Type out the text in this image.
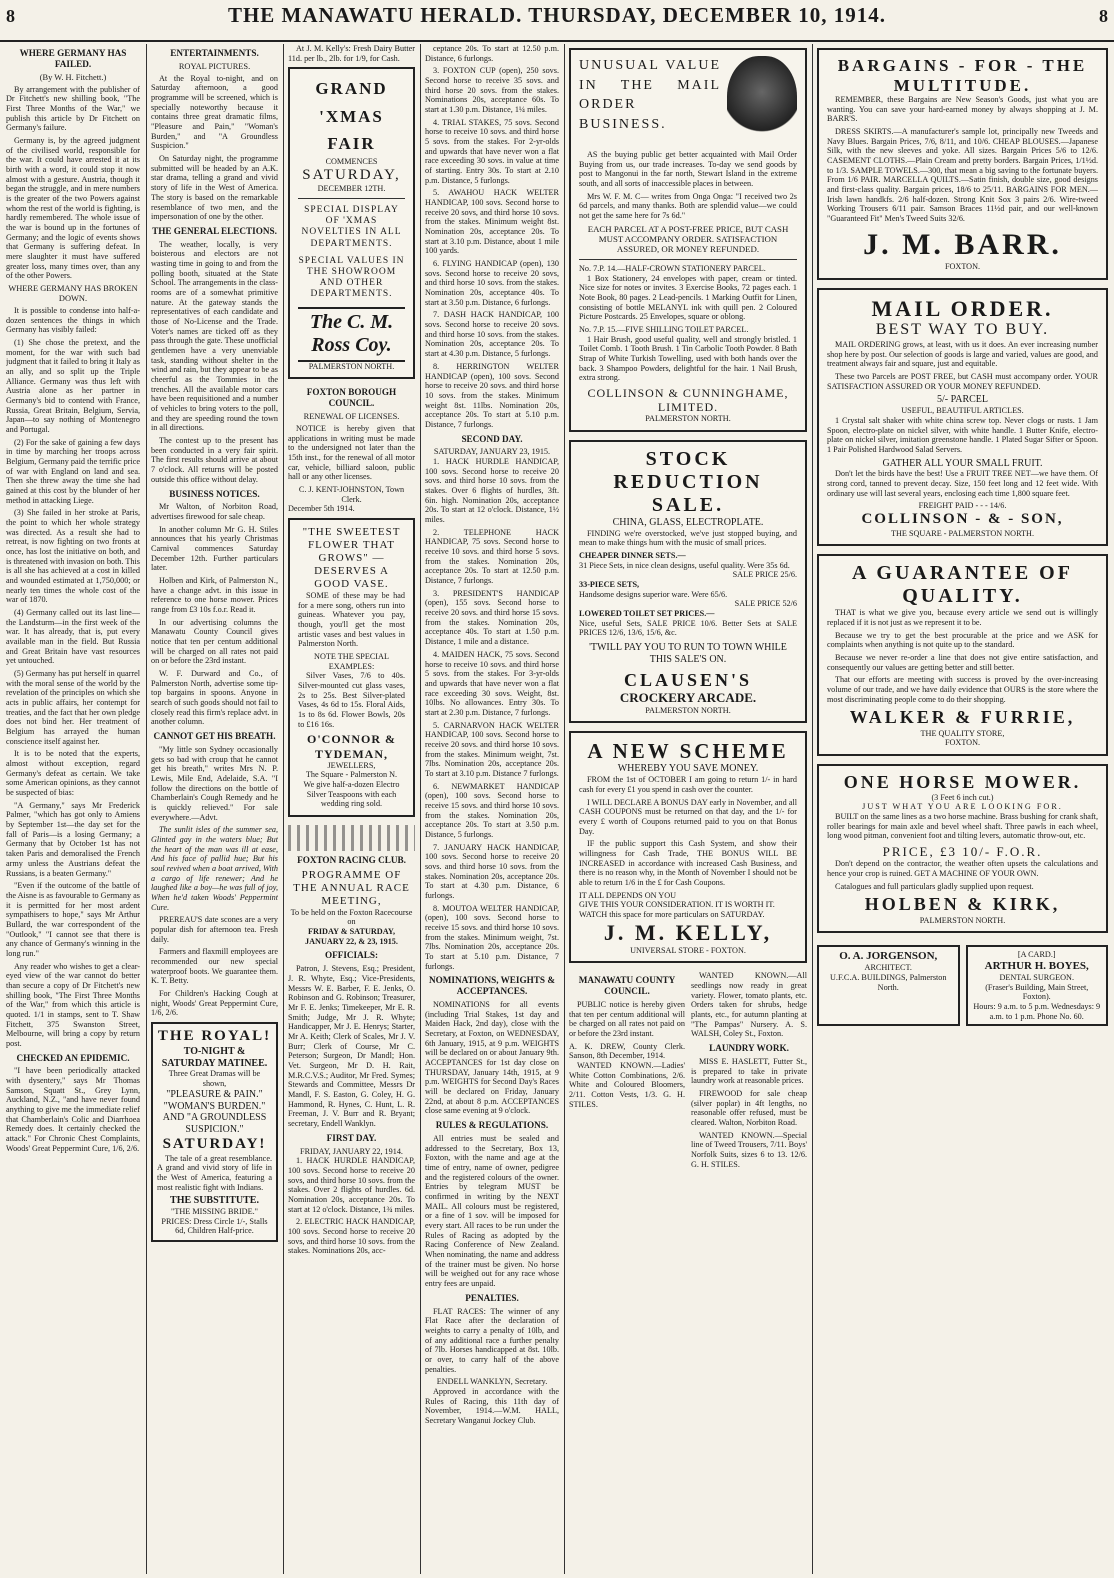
8	THE MANAWATU HERALD. THURSDAY, DECEMBER 10, 1914.	8
WHERE GERMANY HAS FAILED.
(By W. H. Fitchett.)

By arrangement with the publisher of Dr Fitchett's new shilling book, "The First Three Months of the War," we publish this article by Dr Fitchett on Germany's failure.

Germany is, by the agreed judgment of the civilised world, responsible for the war. It could have arrested it at its birth with a word, it could stop it now almost with a gesture. Austria, though it began the struggle, and in mere numbers is the greater of the two Powers against whom the rest of the world is fighting, is hardly remembered. The whole issue of the war is bound up in the fortunes of Germany; and the logic of events shows that Germany is suffering defeat. In mere slaughter it must have suffered greater loss, many times over, than any of the other Powers.

WHERE GERMANY HAS BROKEN DOWN.

It is possible to condense into half-a-dozen sentences the things in which Germany has visibly failed:

(1) She chose the pretext, and the moment, for the war with such bad judgment that it failed to bring it Italy as an ally, and so split up the Triple Alliance. Germany was thus left with Austria alone as her partner in Germany's bid to contend with France, Russia, Great Britain, Belgium, Servia, Japan—to say nothing of Montenegro and Portugal.

(2) For the sake of gaining a few days in time by marching her troops across Belgium, Germany paid the terrific price of war with England on land and sea. Then she threw away the time she had gained at this cost by the blunder of her method in attacking Liege.

(3) She failed in her stroke at Paris, the point to which her whole strategy was directed. As a result she had to retreat, is now fighting on two fronts at once, has lost the initiative on both, and is threatened with invasion on both. This is all she has achieved at a cost in killed and wounded estimated at 1,750,000; or nearly ten times the whole cost of the war of 1870.

(4) Germany called out its last line—the Landsturm—in the first week of the war. It has already, that is, put every available man in the field. But Russia and Great Britain have vast resources yet untouched.

(5) Germany has put herself in quarrel with the moral sense of the world by the revelation of the principles on which she acts in public affairs, her contempt for treaties, and the fact that her own pledge does not bind her. Her treatment of Belgium has arrayed the human conscience itself against her.

It is to be noted that the experts, almost without exception, regard Germany's defeat as certain. We take some American opinions, as they cannot be suspected of bias:

"A Germany," says Mr Frederick Palmer, "which has got only to Amiens by September 1st—the day set for the fall of Paris—is a losing Germany; a Germany that by October 1st has not taken Paris and demoralised the French army unless the Austrians defeat the Russians, is a beaten Germany."

"Even if the outcome of the battle of the Aisne is as favourable to Germany as it is permitted for her most ardent sympathisers to hope," says Mr Arthur Bullard, the war correspondent of the "Outlook," "I cannot see that there is any chance of Germany's winning in the long run."

Any reader who wishes to get a clear-eyed view of the war cannot do better than secure a copy of Dr Fitchett's new shilling book, "The First Three Months of the War," from which this article is quoted. 1/1 in stamps, sent to T. Shaw Fitchett, 375 Swanston Street, Melbourne, will bring a copy by return post.

CHECKED AN EPIDEMIC.

"I have been periodically attacked with dysentery," says Mr Thomas Samson, Squatt St., Grey Lynn, Auckland, N.Z., "and have never found anything to give me the immediate relief that Chamberlain's Colic and Diarrhoea Remedy does. It certainly checked the attack." For Chronic Chest Complaints, Woods' Great Peppermint Cure, 1/6, 2/6.

ENTERTAINMENTS.
ROYAL PICTURES.

At the Royal to-night, and on Saturday afternoon, a good programme will be screened, which is specially noteworthy because it contains three great dramatic films, "Pleasure and Pain," "Woman's Burden," and "A Groundless Suspicion."

On Saturday night, the programme submitted will be headed by an A.K. star drama, telling a grand and vivid story of life in the West of America. The story is based on the remarkable resemblance of two men, and the impersonation of one by the other.

THE GENERAL ELECTIONS.

The weather, locally, is very boisterous and electors are not wasting time in going to and from the polling booth, situated at the State School. The arrangements in the class-rooms are of a somewhat primitive nature. At the gateway stands the representatives of each candidate and those of No-License and the Trade. Voter's names are ticked off as they pass through the gate. These unofficial gentlemen have a very unenviable task, standing without shelter in the wind and rain, but they appear to be as cheerful as the Tommies in the trenches. All the available motor cars have been requisitioned and a number of vehicles to bring voters to the poll, and they are speeding round the town in all directions.

The contest up to the present has been conducted in a very fair spirit. The first results should arrive at about 7 o'clock. All returns will be posted outside this office without delay.

BUSINESS NOTICES.

Mr Walton, of Norbiton Road, advertises firewood for sale cheap.

In another column Mr G. H. Stiles announces that his yearly Christmas Carnival commences Saturday December 12th. Further particulars later.

Holben and Kirk, of Palmerston N., have a change advt. in this issue in reference to one horse mower. Prices range from £3 10s f.o.r. Read it.

In our advertising columns the Manawatu County Council gives notice that ten per centum additional will be charged on all rates not paid on or before the 23rd instant.

W. F. Durward and Co., of Palmerston North, advertise some tip-top bargains in spoons. Anyone in search of such goods should not fail to closely read this firm's replace advt. in another column.

CANNOT GET HIS BREATH.

"My little son Sydney occasionally gets so bad with croup that he cannot get his breath," writes Mrs N. P. Lewis, Mile End, Adelaide, S.A. "I follow the directions on the bottle of Chamberlain's Cough Remedy and he is quickly relieved." For sale everywhere.—Advt.

The sunlit isles of the summer sea, Glinted gay in the waters blue; But the heart of the man was ill at ease, And his face of pallid hue; But his soul revived when a boat arrived, With a cargo of life renewer; And he laughed like a boy—he was full of joy, When he'd taken Woods' Peppermint Cure.

PREREAU'S date scones are a very popular dish for afternoon tea. Fresh daily.

Farmers and flaxmill employees are recommended our new special waterproof boots. We guarantee them. K. T. Betty.

For Children's Hacking Cough at night, Woods' Great Peppermint Cure, 1/6, 2/6.

THE ROYAL!
TO-NIGHT & SATURDAY MATINEE.
Three Great Dramas will be shown,
"PLEASURE & PAIN." "WOMAN'S BURDEN." AND "A GROUNDLESS SUSPICION."
SATURDAY!

The tale of a great resemblance. A grand and vivid story of life in the West of America, featuring a most realistic fight with Indians.

THE SUBSTITUTE.
"THE MISSING BRIDE."
PRICES: Dress Circle 1/-, Stalls 6d, Children Half-price.

At J. M. Kelly's: Fresh Dairy Butter 11d. per lb., 2lb. for 1/9, for Cash.

GRAND 'XMAS FAIR
COMMENCES
SATURDAY,
DECEMBER 12TH.
SPECIAL DISPLAY OF 'XMAS NOVELTIES IN ALL DEPARTMENTS.
SPECIAL VALUES IN THE SHOWROOM AND OTHER DEPARTMENTS.
The C. M. Ross Coy.
PALMERSTON NORTH.
FOXTON BOROUGH COUNCIL.
RENEWAL OF LICENSES.

NOTICE is hereby given that applications in writing must be made to the undersigned not later than the 15th inst., for the renewal of all motor car, vehicle, billiard saloon, public hall or any other licenses.

C. J. KENT-JOHNSTON, Town Clerk.
December 5th 1914.
"THE SWEETEST FLOWER THAT GROWS" — DESERVES A GOOD VASE.

SOME of these may be had for a mere song, others run into guineas. Whatever you pay, though, you'll get the most artistic vases and best values in Palmerston North.

NOTE THE SPECIAL EXAMPLES:

Silver Vases, 7/6 to 40s. Silver-mounted cut glass vases, 2s to 25s. Best Silver-plated Vases, 4s 6d to 15s. Floral Aids, 1s to 8s 6d. Flower Bowls, 20s to £16 16s.

O'CONNOR & TYDEMAN,
JEWELLERS,
The Square - Palmerston N.
We give half-a-dozen Electro Silver Teaspoons with each wedding ring sold.
FOXTON RACING CLUB.
PROGRAMME OF THE ANNUAL RACE MEETING,
To be held on the Foxton Racecourse on
FRIDAY & SATURDAY, JANUARY 22, & 23, 1915.
OFFICIALS:

Patron, J. Stevens, Esq.; President, J. R. Whyte, Esq.; Vice-Presidents, Messrs W. E. Barber, F. E. Jenks, O. Robinson and G. Robinson; Treasurer, Mr F. E. Jenks; Timekeeper, Mr E. R. Smith; Judge, Mr J. R. Whyte; Handicapper, Mr J. E. Henrys; Starter, Mr A. Keith; Clerk of Scales, Mr J. V. Burr; Clerk of Course, Mr C. Peterson; Surgeon, Dr Mandl; Hon. Vet. Surgeon, Mr D. H. Rait, M.R.C.V.S.; Auditor, Mr Fred. Symes; Stewards and Committee, Messrs Dr Mandl, F. S. Easton, G. Coley, H. G. Hammond, R. Hynes, C. Hunt, L. R. Freeman, J. V. Burr and R. Bryant; secretary, Endell Wanklyn.

FIRST DAY.
FRIDAY, JANUARY 22, 1914.

1. HACK HURDLE HANDICAP, 100 sovs. Second horse to receive 20 sovs, and third horse 10 sovs. from the stakes. Over 2 flights of hurdles. 6d. Nomination 20s, acceptance 20s. To start at 12 o'clock. Distance, 1¾ miles.

2. ELECTRIC HACK HANDICAP, 100 sovs. Second horse to receive 20 sovs, and third horse 10 sovs. from the stakes. Nominations 20s, acc-

ceptance 20s. To start at 12.50 p.m. Distance, 6 furlongs.

3. FOXTON CUP (open), 250 sovs. Second horse to receive 35 sovs. and third horse 20 sovs. from the stakes. Nominations 20s, acceptance 60s. To start at 1.30 p.m. Distance, 1¼ miles.

4. TRIAL STAKES, 75 sovs. Second horse to receive 10 sovs. and third horse 5 sovs. from the stakes. For 2-yr-olds and upwards that have never won a flat race exceeding 30 sovs. in value at time of starting. Entry 30s. To start at 2.10 p.m. Distance, 5 furlongs.

5. AWAHOU HACK WELTER HANDICAP, 100 sovs. Second horse to receive 20 sovs, and third horse 10 sovs. from the stakes. Minimum weight 8st. Nomination 20s, acceptance 20s. To start at 3.10 p.m. Distance, about 1 mile 100 yards.

6. FLYING HANDICAP (open), 130 sovs. Second horse to receive 20 sovs, and third horse 10 sovs. from the stakes. Nomination 20s, acceptance 40s. To start at 3.50 p.m. Distance, 6 furlongs.

7. DASH HACK HANDICAP, 100 sovs. Second horse to receive 20 sovs. and third horse 10 sovs. from the stakes. Nomination 20s, acceptance 20s. To start at 4.30 p.m. Distance, 5 furlongs.

8. HERRINGTON WELTER HANDICAP (open), 100 sovs. Second horse to receive 20 sovs. and third horse 10 sovs. from the stakes. Minimum weight 8st. 11lbs. Nomination 20s, acceptance 20s. To start at 5.10 p.m. Distance, 7 furlongs.

SECOND DAY.
SATURDAY, JANUARY 23, 1915.

1. HACK HURDLE HANDICAP, 100 sovs. Second horse to receive 20 sovs. and third horse 10 sovs. from the stakes. Over 6 flights of hurdles, 3ft. 6in. high. Nomination 20s, acceptance 20s. To start at 12 o'clock. Distance, 1½ miles.

2. TELEPHONE HACK HANDICAP, 75 sovs. Second horse to receive 10 sovs. and third horse 5 sovs. from the stakes. Nomination 20s, acceptance 20s. To start at 12.50 p.m. Distance, 7 furlongs.

3. PRESIDENT'S HANDICAP (open), 155 sovs. Second horse to receive 20 sovs. and third horse 15 sovs. from the stakes. Nomination 20s, acceptance 40s. To start at 1.50 p.m. Distance, 1 mile and a distance.

4. MAIDEN HACK, 75 sovs. Second horse to receive 10 sovs. and third horse 5 sovs. from the stakes. For 3-yr-olds and upwards that have never won a flat race exceeding 30 sovs. Weight, 8st. 10lbs. No allowances. Entry 30s. To start at 2.30 p.m. Distance, 7 furlongs.

5. CARNARVON HACK WELTER HANDICAP, 100 sovs. Second horse to receive 20 sovs. and third horse 10 sovs. from the stakes. Minimum weight, 7st. 7lbs. Nomination 20s, acceptance 20s. To start at 3.10 p.m. Distance 7 furlongs.

6. NEWMARKET HANDICAP (open), 100 sovs. Second horse to receive 15 sovs. and third horse 10 sovs. from the stakes. Nomination 20s, acceptance 20s. To start at 3.50 p.m. Distance, 5 furlongs.

7. JANUARY HACK HANDICAP, 100 sovs. Second horse to receive 20 sovs. and third horse 10 sovs. from the stakes. Nomination 20s, acceptance 20s. To start at 4.30 p.m. Distance, 6 furlongs.

8. MOUTOA WELTER HANDICAP, (open), 100 sovs. Second horse to receive 15 sovs. and third horse 10 sovs. from the stakes. Minimum weight, 7st. 7lbs. Nomination 20s, acceptance 20s. To start at 5.10 p.m. Distance, 7 furlongs.

NOMINATIONS, WEIGHTS & ACCEPTANCES.

NOMINATIONS for all events (including Trial Stakes, 1st day and Maiden Hack, 2nd day), close with the Secretary, at Foxton, on WEDNESDAY, 6th January, 1915, at 9 p.m. WEIGHTS will be declared on or about January 9th. ACCEPTANCES for 1st day close on THURSDAY, January 14th, 1915, at 9 p.m. WEIGHTS for Second Day's Races will be declared on Friday, January 22nd, at about 8 p.m. ACCEPTANCES close same evening at 9 o'clock.

RULES & REGULATIONS.

All entries must be sealed and addressed to the Secretary, Box 13, Foxton, with the name and age at the time of entry, name of owner, pedigree and the registered colours of the owner. Entries by telegram MUST be confirmed in writing by the NEXT MAIL. All colours must be registered, or a fine of 1 sov. will be imposed for every start. All races to be run under the Rules of Racing as adopted by the Racing Conference of New Zealand. When nominating, the name and address of the trainer must be given. No horse will be weighed out for any race whose entry fees are unpaid.

PENALTIES.

FLAT RACES: The winner of any Flat Race after the declaration of weights to carry a penalty of 10lb, and of any additional race a further penalty of 7lb. Horses handicapped at 8st. 10lb. or over, to carry half of the above penalties.

ENDELL WANKLYN, Secretary.

Approved in accordance with the Rules of Racing, this 11th day of November, 1914.—W.M. HALL, Secretary Wanganui Jockey Club.

UNUSUAL VALUE IN THE MAIL ORDER BUSINESS.

AS the buying public get better acquainted with Mail Order Buying from us, our trade increases. To-day we send goods by post to Mangonui in the far north, Stewart Island in the extreme south, and all sorts of inaccessible places in between.

Mrs W. F. M. C— writes from Onga Onga: "I received two 2s 6d parcels, and many thanks. Both are splendid value—we could not get the same here for 7s 6d."

EACH PARCEL AT A POST-FREE PRICE, BUT CASH MUST ACCOMPANY ORDER. SATISFACTION ASSURED, OR MONEY REFUNDED.
No. 7.P. 14.—HALF-CROWN STATIONERY PARCEL.

1 Box Stationery, 24 envelopes with paper, cream or tinted. Nice size for notes or invites. 3 Exercise Books, 72 pages each. 1 Note Book, 80 pages. 2 Lead-pencils. 1 Marking Outfit for Linen, consisting of bottle MELANYL ink with quill pen. 2 Coloured Picture Postcards. 25 Envelopes, square or oblong.

No. 7.P. 15.—FIVE SHILLING TOILET PARCEL.

1 Hair Brush, good useful quality, well and strongly bristled. 1 Toilet Comb. 1 Tooth Brush. 1 Tin Carbolic Tooth Powder. 8 Bath Strap of White Turkish Towelling, used with both hands over the back. 3 Shampoo Powders, delightful for the hair. 1 Nail Brush, extra strong.

COLLINSON & CUNNINGHAME, LIMITED.
PALMERSTON NORTH.
STOCK
REDUCTION SALE.
CHINA, GLASS, ELECTROPLATE.

FINDING we're overstocked, we've just stopped buying, and mean to make things hum with the music of small prices.

CHEAPER DINNER SETS.—
31 Piece Sets, in nice clean designs, useful quality. Were 35s 6d.
SALE PRICE 25/6.
33-PIECE SETS,
Handsome designs superior ware. Were 65/6.
SALE PRICE 52/6
LOWERED TOILET SET PRICES.—
Nice, useful Sets, SALE PRICE 10/6. Better Sets at SALE PRICES 12/6, 13/6, 15/6, &c.
'TWILL PAY YOU TO RUN TO TOWN WHILE THIS SALE'S ON.
CLAUSEN'S
CROCKERY ARCADE.
PALMERSTON NORTH.
A NEW SCHEME
WHEREBY YOU SAVE MONEY.

FROM the 1st of OCTOBER I am going to return 1/- in hard cash for every £1 you spend in cash over the counter.

I WILL DECLARE A BONUS DAY early in November, and all CASH COUPONS must be returned on that day, and the 1/- for every £ worth of Coupons returned paid to you on that Bonus Day.

IF the public support this Cash System, and show their willingness for Cash Trade, THE BONUS WILL BE INCREASED in accordance with increased Cash Business, and there is no reason why, in the Month of November I should not be able to return 1/6 in the £ for Cash Coupons.

IT ALL DEPENDS ON YOU
GIVE THIS YOUR CONSIDERATION. IT IS WORTH IT.
WATCH this space for more particulars on SATURDAY.
J. M. KELLY,
UNIVERSAL STORE - FOXTON.
MANAWATU COUNTY COUNCIL.

PUBLIC notice is hereby given that ten per centum additional will be charged on all rates not paid on or before the 23rd instant.

A. K. DREW, County Clerk. Sanson, 8th December, 1914.

WANTED KNOWN.—Ladies' White Cotton Combinations, 2/6. White and Coloured Bloomers, 2/11. Cotton Vests, 1/3. G. H. STILES.

WANTED KNOWN.—All seedlings now ready in great variety. Flower, tomato plants, etc. Orders taken for shrubs, hedge plants, etc., for autumn planting at "The Pampas" Nursery. A. S. WALSH, Coley St., Foxton.

LAUNDRY WORK.

MISS E. HASLETT, Futter St., is prepared to take in private laundry work at reasonable prices.

FIREWOOD for sale cheap (silver poplar) in 4ft lengths, no reasonable offer refused, must be cleared. Walton, Norbiton Road.

WANTED KNOWN.—Special line of Tweed Trousers, 7/11. Boys' Norfolk Suits, sizes 6 to 13. 12/6. G. H. STILES.

BARGAINS - FOR - THE MULTITUDE.

REMEMBER, these Bargains are New Season's Goods, just what you are wanting. You can save your hard-earned money by always shopping at J. M. BARR'S.

DRESS SKIRTS.—A manufacturer's sample lot, principally new Tweeds and Navy Blues. Bargain Prices, 7/6, 8/11, and 10/6. CHEAP BLOUSES.—Japanese Silk, with the new sleeves and yoke. All sizes. Bargain Prices 5/6 to 12/6. CASEMENT CLOTHS.—Plain Cream and pretty borders. Bargain Prices, 1/1½d. to 1/3. SAMPLE TOWELS.—300, that mean a big saving to the fortunate buyers. From 1/6 PAIR. MARCELLA QUILTS.—Satin finish, double size, good designs and first-class quality. Bargain prices, 18/6 to 25/11. BARGAINS FOR MEN.—Irish lawn handkfs. 2/6 half-dozen. Strong Knit Sox 3 pairs 2/6. Wire-tweed Working Trousers 6/11 pair. Samson Braces 11½d pair, and our well-known "Guaranteed Fit" Men's Tweed Suits 32/6.

J. M. BARR.
FOXTON.
MAIL ORDER.
BEST WAY TO BUY.

MAIL ORDERING grows, at least, with us it does. An ever increasing number shop here by post. Our selection of goods is large and varied, values are good, and treatment always fair and square, just and equitable.

These two Parcels are POST FREE, but CASH must accompany order. YOUR SATISFACTION ASSURED OR YOUR MONEY REFUNDED.

5/- PARCEL
USEFUL, BEAUTIFUL ARTICLES.

1 Crystal salt shaker with white china screw top. Never clogs or rusts. 1 Jam Spoon, electro-plate on nickel silver, with white handle. 1 Butter Knife, electro-plate on nickel silver, imitation greenstone handle. 1 Plated Sugar Sifter or Spoon. 1 Pair Polished Hardwood Salad Servers.

GATHER ALL YOUR SMALL FRUIT.

Don't let the birds have the best! Use a FRUIT TREE NET—we have them. Of strong cord, tanned to prevent decay. Size, 150 feet long and 12 feet wide. With ordinary use will last several years, enclosing each time 1,800 square feet.

FREIGHT PAID - - - 14/6.
COLLINSON - & - SON,
THE SQUARE - PALMERSTON NORTH.
A GUARANTEE OF QUALITY.

THAT is what we give you, because every article we send out is willingly replaced if it is not just as we represent it to be.

Because we try to get the best procurable at the price and we ASK for complaints when anything is not quite up to the standard.

Because we never re-order a line that does not give entire satisfaction, and consequently our values are getting better and still better.

That our efforts are meeting with success is proved by the over-increasing volume of our trade, and we have daily evidence that OURS is the store where the most discriminating people come to do their shopping.

WALKER & FURRIE,
THE QUALITY STORE,
FOXTON.
ONE HORSE MOWER.
(3 Feet 6 inch cut.)
JUST WHAT YOU ARE LOOKING FOR.

BUILT on the same lines as a two horse machine. Brass bushing for crank shaft, roller bearings for main axle and bevel wheel shaft. Three pawls in each wheel, long wood pitman, convenient foot and tilting levers, automatic throw-out, etc.

PRICE, £3 10/- F.O.R.

Don't depend on the contractor, the weather often upsets the calculations and hence your crop is ruined. GET A MACHINE OF YOUR OWN.

Catalogues and full particulars gladly supplied upon request.

HOLBEN & KIRK,
PALMERSTON NORTH.
O. A. JORGENSON,
ARCHITECT.
U.F.C.A. BUILDINGS, Palmerston North.
[A CARD.]
ARTHUR H. BOYES,
DENTAL SURGEON.
(Fraser's Building, Main Street, Foxton).
Hours: 9 a.m. to 5 p.m. Wednesdays: 9 a.m. to 1 p.m. Phone No. 60.
